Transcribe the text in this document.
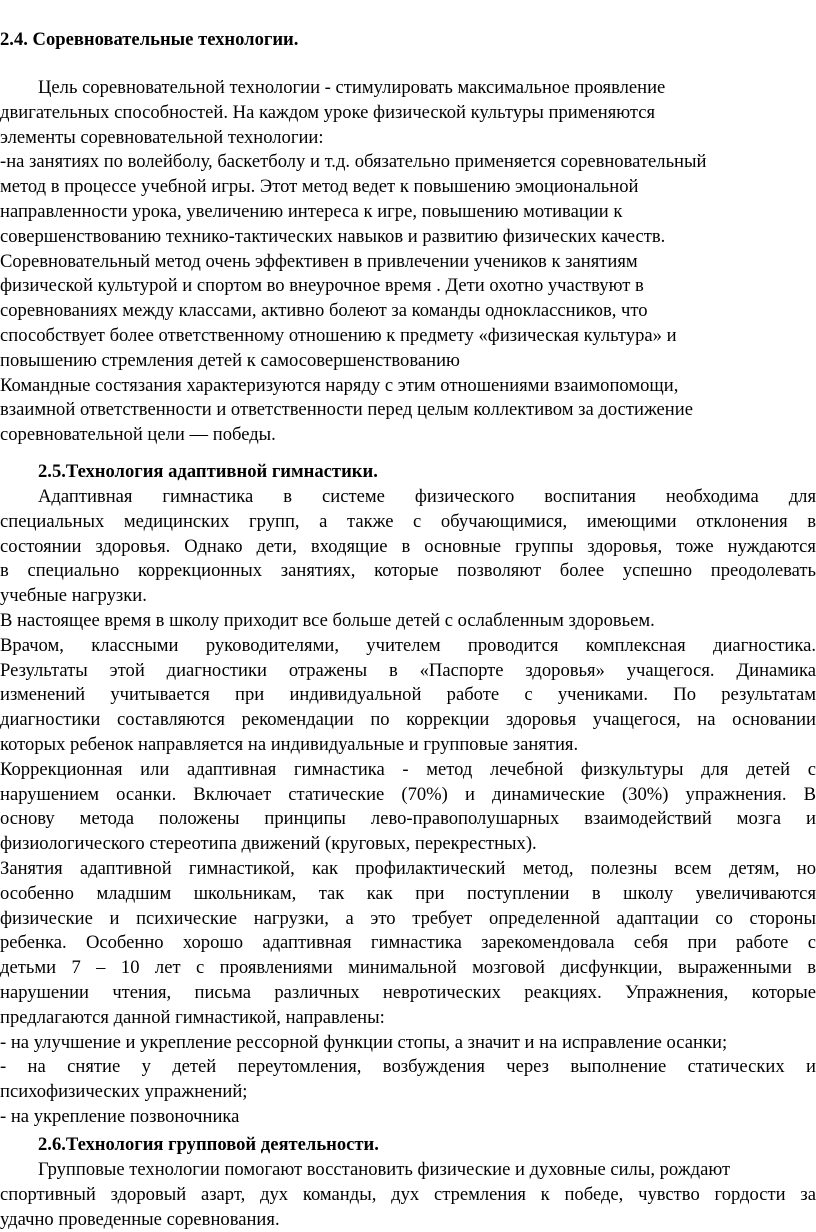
2.4. Соревновательные технологии.
Цель соревновательной технологии - стимулировать максимальное проявление
двигательных способностей. На каждом уроке физической культуры применяются
элементы соревновательной технологии:
-на занятиях по волейболу, баскетболу и т.д. обязательно применяется соревновательный
метод в процессе учебной игры. Этот метод ведет к повышению эмоциональной
направленности урока, увеличению интереса к игре, повышению мотивации к
совершенствованию технико-тактических навыков и развитию физических качеств.
Соревновательный метод очень эффективен в привлечении учеников к занятиям
физической культурой и спортом во внеурочное время . Дети охотно участвуют в
соревнованиях между классами, активно болеют за команды одноклассников, что
способствует более ответственному отношению к предмету «физическая культура» и
повышению стремления детей к самосовершенствованию
Командные состязания характеризуются наряду с этим отношениями взаимопомощи,
взаимной ответственности и ответственности перед целым коллективом за достижение
соревновательной цели — победы.
2.5.Технология адаптивной гимнастики.
Адаптивная гимнастика в системе физического воспитания необходима для
специальных медицинских групп, а также с обучающимися, имеющими отклонения в
состоянии здоровья. Однако дети, входящие в основные группы здоровья, тоже нуждаются
в специально коррекционных занятиях, которые позволяют более успешно преодолевать
учебные нагрузки.
В настоящее время в школу приходит все больше детей с ослабленным здоровьем.
Врачом, классными руководителями, учителем проводится комплексная диагностика.
Результаты этой диагностики отражены в «Паспорте здоровья» учащегося. Динамика
изменений учитывается при индивидуальной работе с учениками. По результатам
диагностики составляются рекомендации по коррекции здоровья учащегося, на основании
которых ребенок направляется на индивидуальные и групповые занятия.
Коррекционная или адаптивная гимнастика - метод лечебной физкультуры для детей с
нарушением осанки. Включает статические (70%) и динамические (30%) упражнения. В
основу метода положены принципы лево-правополушарных взаимодействий мозга и
физиологического стереотипа движений (круговых, перекрестных).
Занятия адаптивной гимнастикой, как профилактический метод, полезны всем детям, но
особенно младшим школьникам, так как при поступлении в школу увеличиваются
физические и психические нагрузки, а это требует определенной адаптации со стороны
ребенка. Особенно хорошо адаптивная гимнастика зарекомендовала себя при работе с
детьми 7 – 10 лет с проявлениями минимальной мозговой дисфункции, выраженными в
нарушении чтения, письма различных невротических реакциях. Упражнения, которые
предлагаются данной гимнастикой, направлены:
- на улучшение и укрепление рессорной функции стопы, а значит и на исправление осанки;
- на снятие у детей переутомления, возбуждения через выполнение статических и
психофизических упражнений;
- на укрепление позвоночника
2.6.Технология групповой деятельности.
Групповые технологии помогают восстановить физические и духовные силы, рождают
спортивный здоровый азарт, дух команды, дух стремления к победе, чувство гордости за
удачно проведенные соревнования.
